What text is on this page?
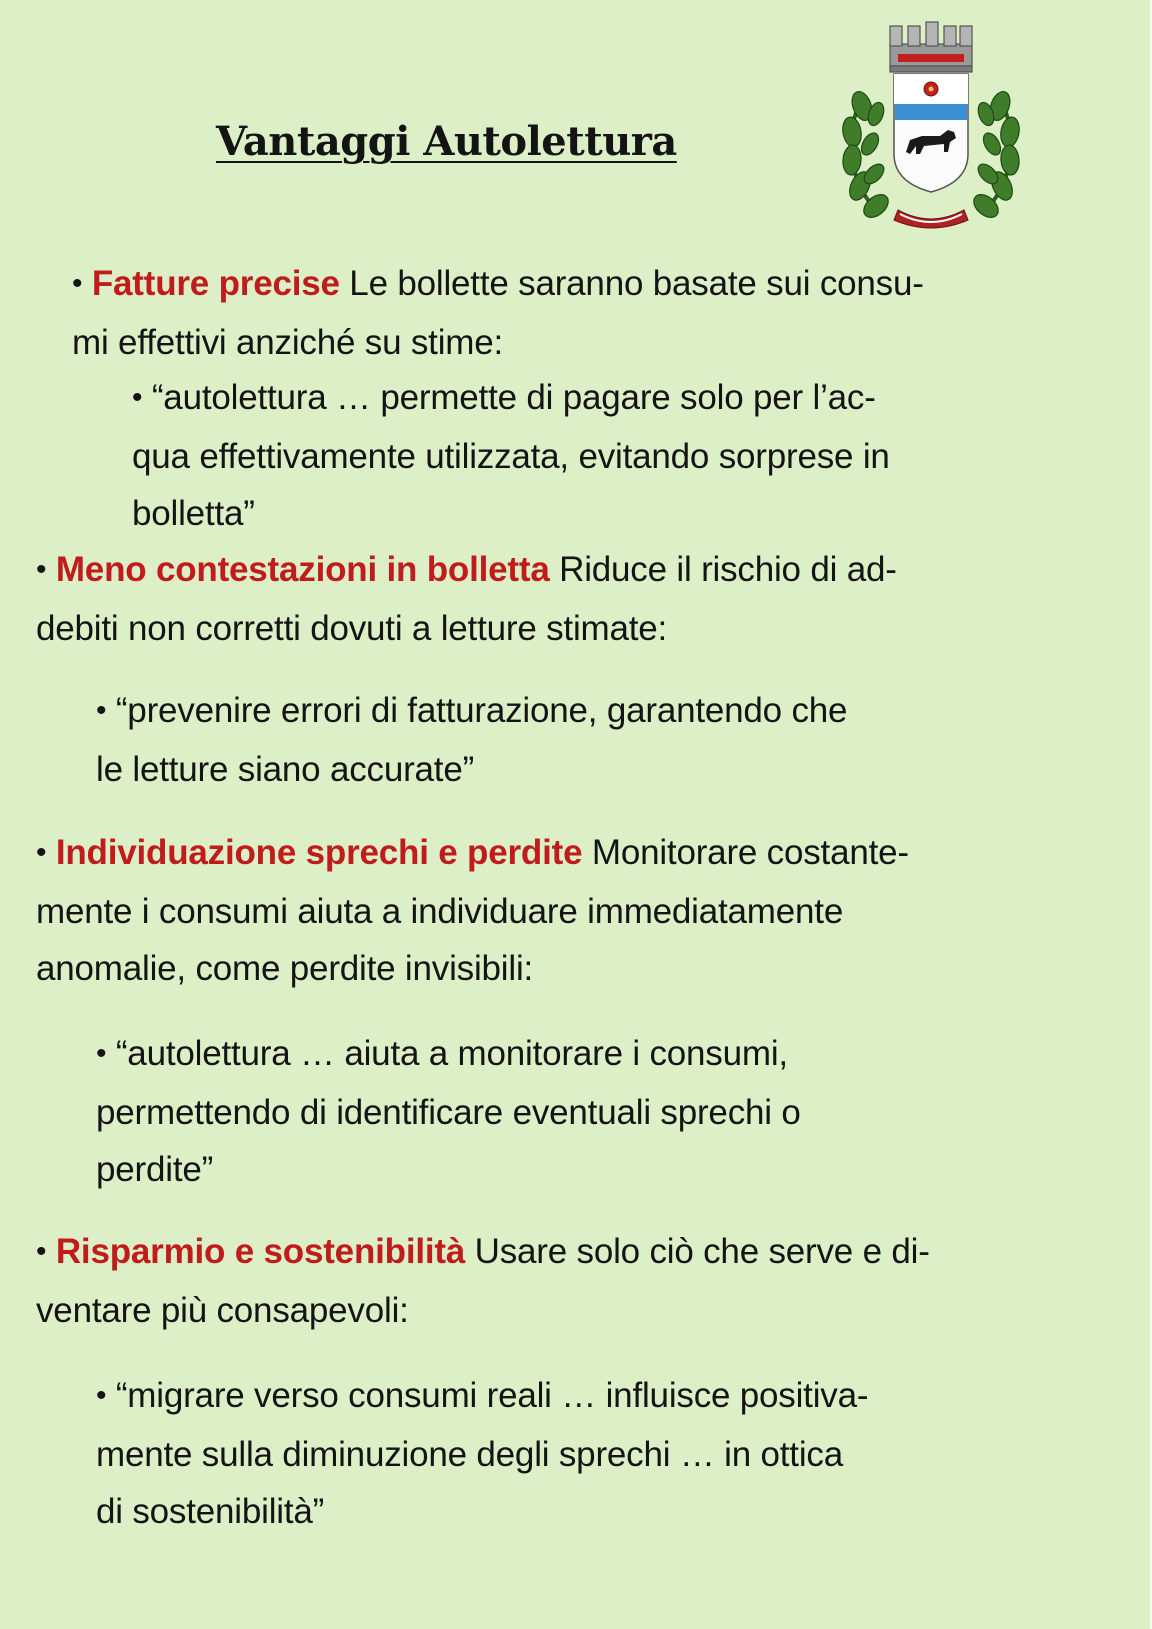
Vantaggi Autolettura

• Fatture precise Le bollette saranno basate sui consu-
mi effettivi anziché su stime:

• “autolettura … permette di pagare solo per l’ac-
qua effettivamente utilizzata, evitando sorprese in
bolletta”

• Meno contestazioni in bolletta Riduce il rischio di ad-
debiti non corretti dovuti a letture stimate:

• “prevenire errori di fatturazione, garantendo che
le letture siano accurate”

• Individuazione sprechi e perdite Monitorare costante-
mente i consumi aiuta a individuare immediatamente
anomalie, come perdite invisibili:

• “autolettura … aiuta a monitorare i consumi,
permettendo di identificare eventuali sprechi o
perdite”

• Risparmio e sostenibilità Usare solo ciò che serve e di-
ventare più consapevoli:

• “migrare verso consumi reali … influisce positiva-
mente sulla diminuzione degli sprechi … in ottica
di sostenibilità”
